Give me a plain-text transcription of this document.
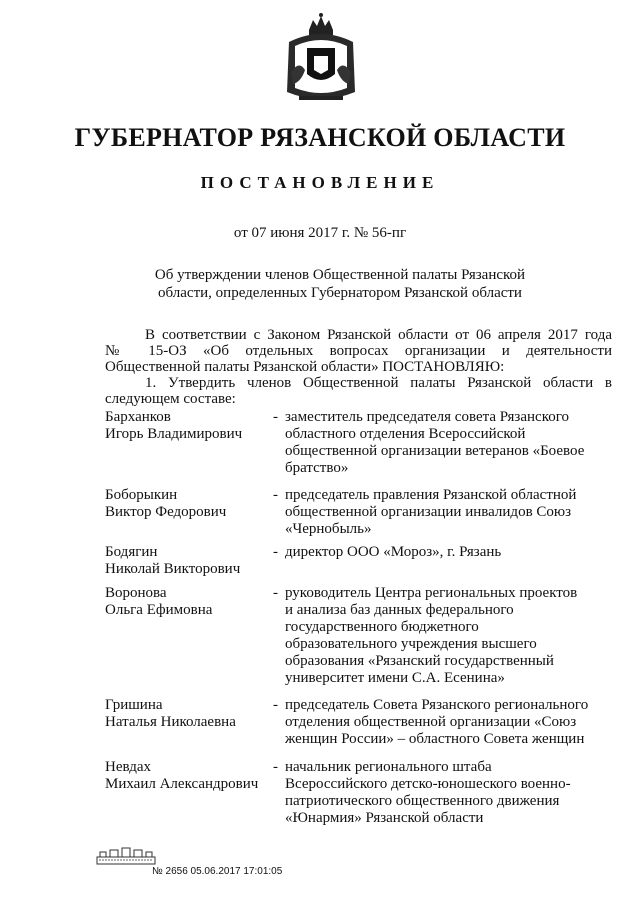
ГУБЕРНАТОР РЯЗАНСКОЙ ОБЛАСТИ
ПОСТАНОВЛЕНИЕ
от 07 июня 2017 г. № 56-пг
Об утверждении членов Общественной палаты Рязанской
области, определенных Губернатором Рязанской области

В соответствии с Законом Рязанской области от 06 апреля 2017 года

№ 15-ОЗ «Об отдельных вопросах организации и деятельности

Общественной палаты Рязанской области» ПОСТАНОВЛЯЮ:

1. Утвердить членов Общественной палаты Рязанской области в

следующем составе:

Барханков
Игорь Владимирович
- заместитель председателя совета Рязанского
областного отделения Всероссийской
общественной организации ветеранов «Боевое
братство»
Боборыкин
Виктор Федорович
- председатель правления Рязанской областной
общественной организации инвалидов Союз
«Чернобыль»
Бодягин
Николай Викторович
- директор ООО «Мороз», г. Рязань
Воронова
Ольга Ефимовна
- руководитель Центра региональных проектов
и анализа баз данных федерального
государственного бюджетного
образовательного учреждения высшего
образования «Рязанский государственный
университет имени С.А. Есенина»
Гришина
Наталья Николаевна
- председатель Совета Рязанского регионального
отделения общественной организации «Союз
женщин России» – областного Совета женщин
Невдах
Михаил Александрович
- начальник регионального штаба
Всероссийского детско-юношеского военно-
патриотического общественного движения
«Юнармия» Рязанской области
№ 2656 05.06.2017 17:01:05
